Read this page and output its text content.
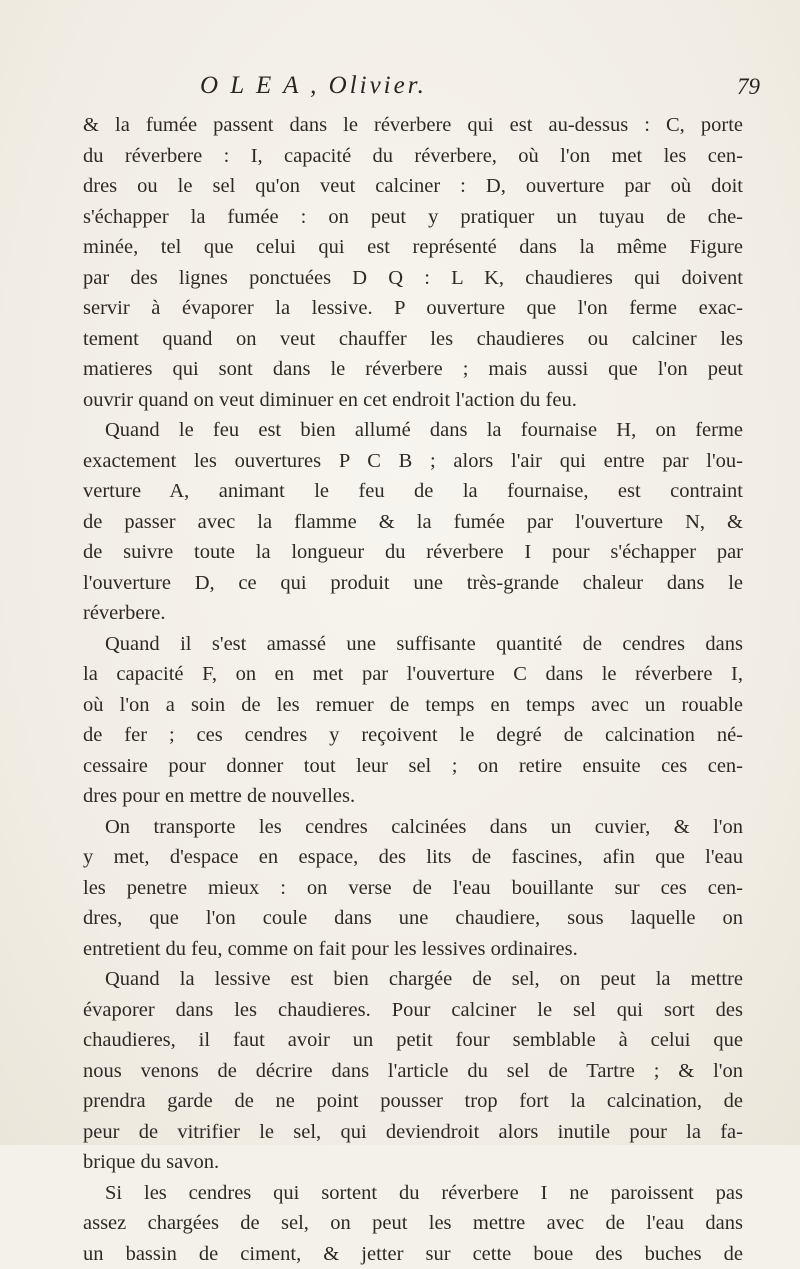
O L E A , Olivier.	79
& la fumée passent dans le réverbere qui est au-dessus : C, porte
du réverbere : I, capacité du réverbere, où l'on met les cen-
dres ou le sel qu'on veut calciner : D, ouverture par où doit
s'échapper la fumée : on peut y pratiquer un tuyau de che-
minée, tel que celui qui est représenté dans la même Figure
par des lignes ponctuées D Q : L K, chaudieres qui doivent
servir à évaporer la lessive. P ouverture que l'on ferme exac-
tement quand on veut chauffer les chaudieres ou calciner les
matieres qui sont dans le réverbere ; mais aussi que l'on peut
ouvrir quand on veut diminuer en cet endroit l'action du feu.
Quand le feu est bien allumé dans la fournaise H, on ferme
exactement les ouvertures P C B ; alors l'air qui entre par l'ou-
verture A, animant le feu de la fournaise, est contraint
de passer avec la flamme & la fumée par l'ouverture N, &
de suivre toute la longueur du réverbere I pour s'échapper par
l'ouverture D, ce qui produit une très-grande chaleur dans le
réverbere.
Quand il s'est amassé une suffisante quantité de cendres dans
la capacité F, on en met par l'ouverture C dans le réverbere I,
où l'on a soin de les remuer de temps en temps avec un rouable
de fer ; ces cendres y reçoivent le degré de calcination né-
cessaire pour donner tout leur sel ; on retire ensuite ces cen-
dres pour en mettre de nouvelles.
On transporte les cendres calcinées dans un cuvier, & l'on
y met, d'espace en espace, des lits de fascines, afin que l'eau
les penetre mieux : on verse de l'eau bouillante sur ces cen-
dres, que l'on coule dans une chaudiere, sous laquelle on
entretient du feu, comme on fait pour les lessives ordinaires.
Quand la lessive est bien chargée de sel, on peut la mettre
évaporer dans les chaudieres. Pour calciner le sel qui sort des
chaudieres, il faut avoir un petit four semblable à celui que
nous venons de décrire dans l'article du sel de Tartre ; & l'on
prendra garde de ne point pousser trop fort la calcination, de
peur de vitrifier le sel, qui deviendroit alors inutile pour la fa-
brique du savon.
Si les cendres qui sortent du réverbere I ne paroissent pas
assez chargées de sel, on peut les mettre avec de l'eau dans
un bassin de ciment, & jetter sur cette boue des buches de
